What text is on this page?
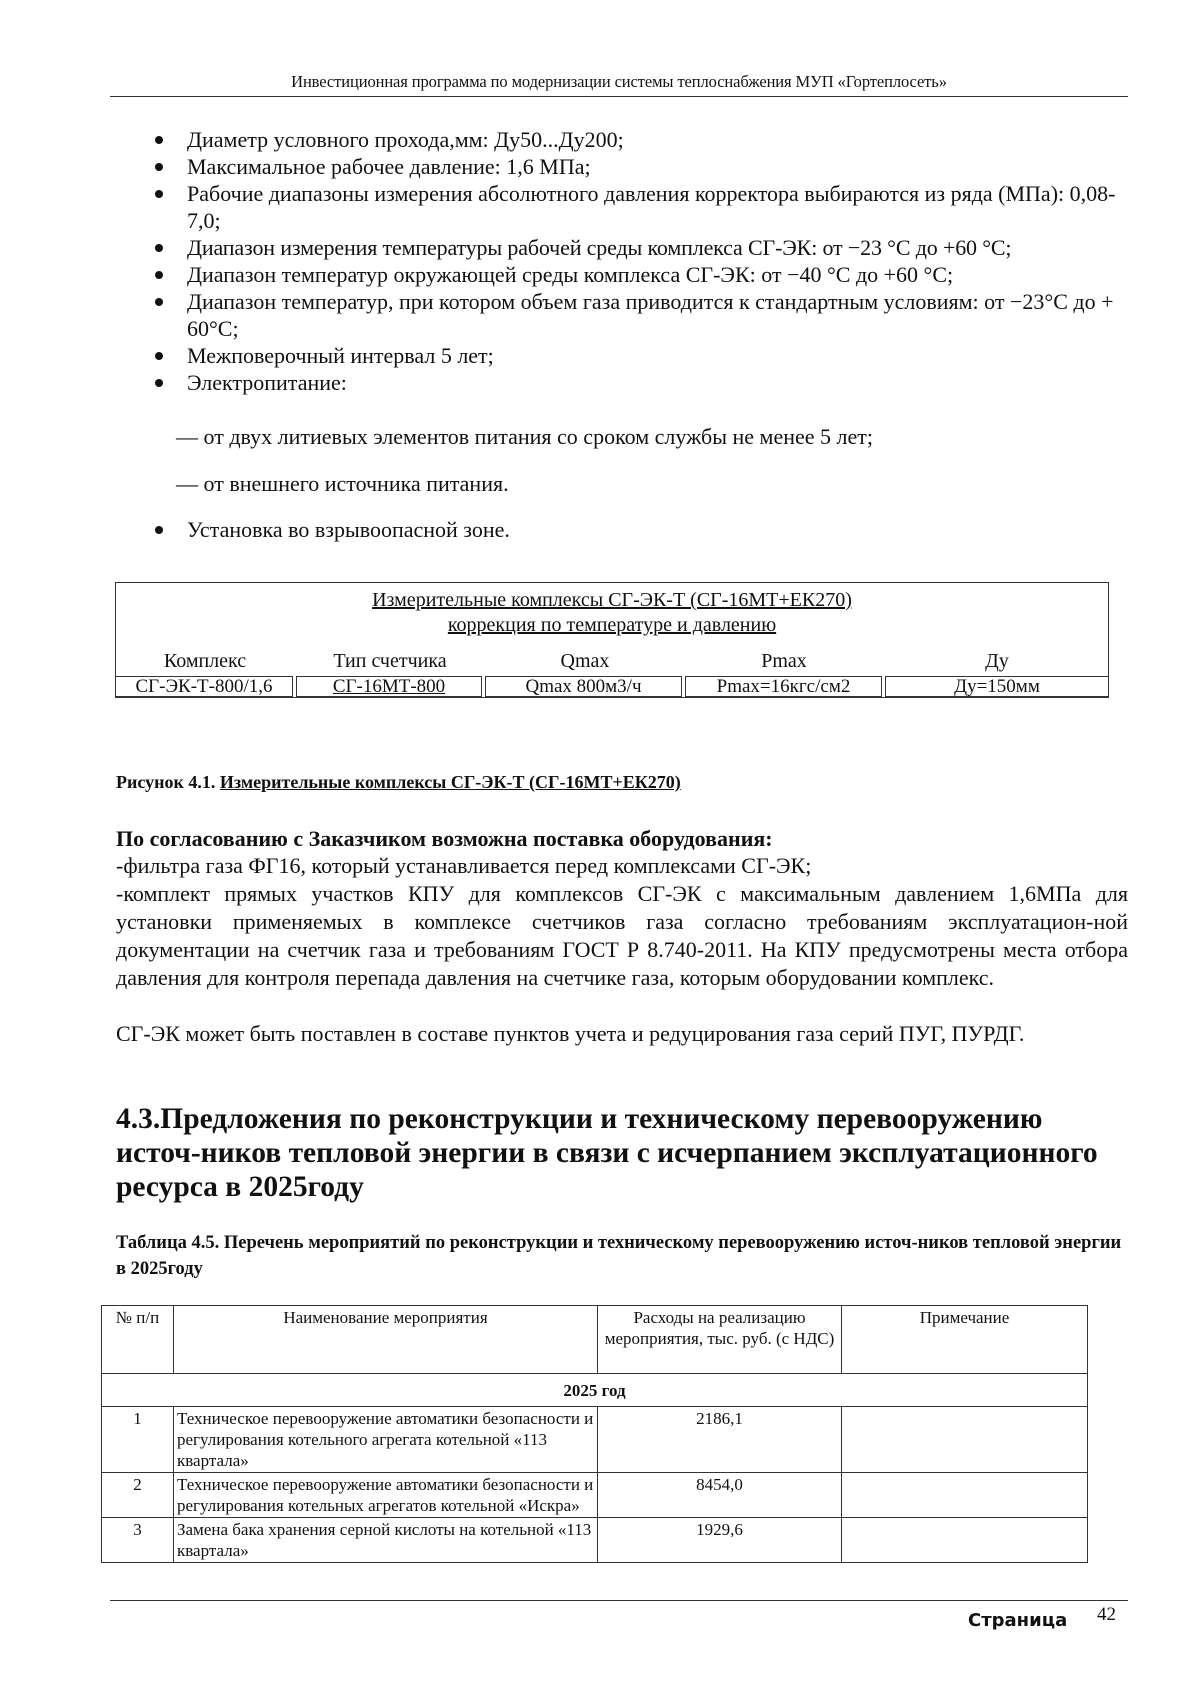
Инвестиционная программа по модернизации системы теплоснабжения МУП «Гортеплосеть»
Диаметр условного прохода,мм: Ду50...Ду200;
Максимальное рабочее давление: 1,6 МПа;
Рабочие диапазоны измерения абсолютного давления корректора выбираются из ряда (МПа): 0,08-7,0;
Диапазон измерения температуры рабочей среды комплекса СГ-ЭК: от −23 °С до +60 °С;
Диапазон температур окружающей среды комплекса СГ-ЭК: от −40 °С до +60 °С;
Диапазон температур, при котором объем газа приводится к стандартным условиям: от −23°С до + 60°С;
Межповерочный интервал 5 лет;
Электропитание:
— от двух литиевых элементов питания со сроком службы не менее 5 лет;
— от внешнего источника питания.
Установка во взрывоопасной зоне.
Измерительные комплексы СГ-ЭК-Т (СГ-16МТ+ЕК270)
коррекция по температуре и давлению
Комплекс	Тип счетчика	Qmax	Pmax	Ду
СГ-ЭК-Т-800/1,6	СГ-16МТ-800	Qmax 800м3/ч	Pmax=16кгс/см2	Ду=150мм
Рисунок 4.1. Измерительные комплексы СГ-ЭК-Т (СГ-16МТ+ЕК270)
По согласованию с Заказчиком возможна поставка оборудования:
-фильтра газа ФГ16, который устанавливается перед комплексами СГ-ЭК;
-комплект прямых участков КПУ для комплексов СГ-ЭК с максимальным давлением 1,6МПа для установки применяемых в комплексе счетчиков газа согласно требованиям эксплуатацион-ной документации на счетчик газа и требованиям ГОСТ Р 8.740-2011. На КПУ предусмотрены места отбора давления для контроля перепада давления на счетчике газа, которым оборудовании комплекс.
СГ-ЭК может быть поставлен в составе пунктов учета и редуцирования газа серий ПУГ, ПУРДГ.
4.3.Предложения по реконструкции и техническому перевооружению источ-ников тепловой энергии в связи с исчерпанием эксплуатационного ресурса в 2025году
Таблица 4.5. Перечень мероприятий по реконструкции и техническому перевооружению источ-ников тепловой энергии в 2025году
№ п/п	Наименование мероприятия	Расходы на реализацию мероприятия, тыс. руб. (с НДС)	Примечание
2025 год			
1	Техническое перевооружение автоматики безопасности и регулирования котельного агрегата котельной «113 квартала»	2186,1	
2	Техническое перевооружение автоматики безопасности и регулирования котельных агрегатов котельной «Искра»	8454,0	
3	Замена бака хранения серной кислоты на котельной «113 квартала»	1929,6	
Страница 42
